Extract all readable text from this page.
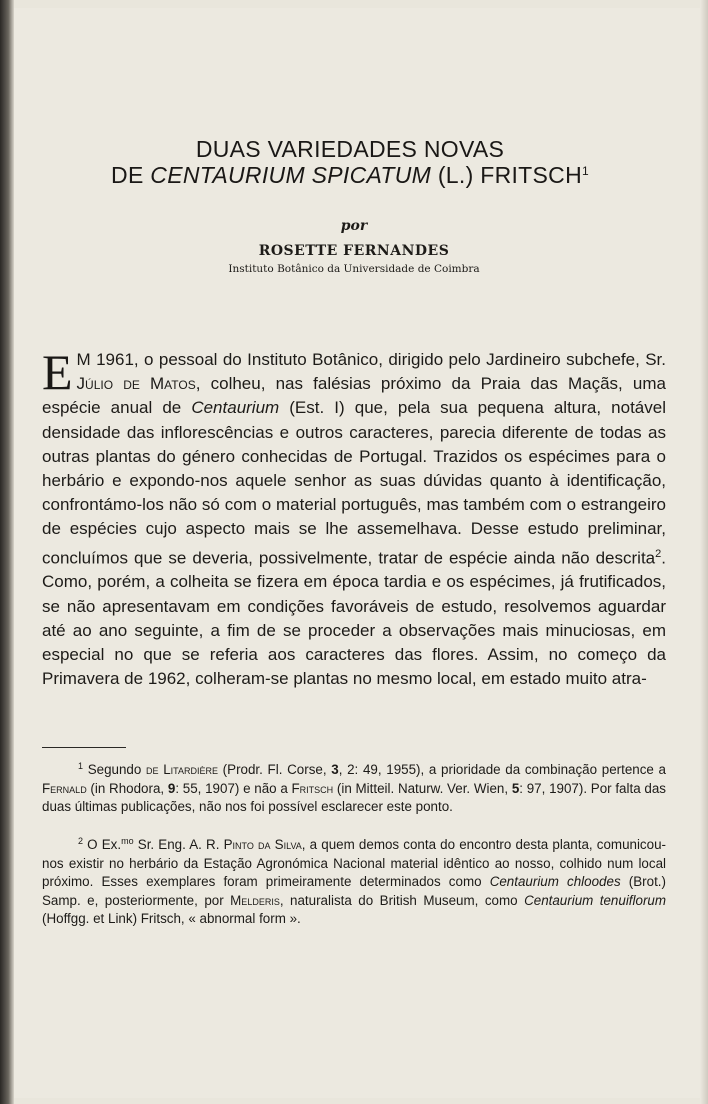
DUAS VARIEDADES NOVAS
DE CENTAURIUM SPICATUM (L.) FRITSCH$^1$
por
ROSETTE FERNANDES
Instituto Botânico da Universidade de Coimbra
E M 1961, o pessoal do Instituto Botânico, dirigido pelo Jardineiro subchefe, Sr. Júlio de Matos, colheu, nas falésias próximo da Praia das Maçãs, uma espécie anual de Centaurium (Est. I) que, pela sua pequena altura, notável densidade das inflorescências e outros caracteres, parecia diferente de todas as outras plantas do género conhecidas de Portugal. Trazidos os espécimes para o herbário e expondo-nos aquele senhor as suas dúvidas quanto à identificação, confrontámo-los não só com o material português, mas também com o estrangeiro de espécies cujo aspecto mais se lhe assemelhava. Desse estudo preliminar, concluímos que se deveria, possivelmente, tratar de espécie ainda não descrita$^2$. Como, porém, a colheita se fizera em época tardia e os espécimes, já frutificados, se não apresentavam em condições favoráveis de estudo, resolvemos aguardar até ao ano seguinte, a fim de se proceder a observações mais minuciosas, em especial no que se referia aos caracteres das flores. Assim, no começo da Primavera de 1962, colheram-se plantas no mesmo local, em estado muito atra-
$^1$ Segundo de Litardière (Prodr. Fl. Corse, 3, 2: 49, 1955), a prioridade da combinação pertence a Fernald (in Rhodora, 9: 55, 1907) e não a Fritsch (in Mitteil. Naturw. Ver. Wien, 5: 97, 1907). Por falta das duas últimas publicações, não nos foi possível esclarecer este ponto.
$^2$ O Ex.$^{mo}$ Sr. Eng. A. R. Pinto da Silva, a quem demos conta do encontro desta planta, comunicou-nos existir no herbário da Estação Agronómica Nacional material idêntico ao nosso, colhido num local próximo. Esses exemplares foram primeiramente determinados como Centaurium chloodes (Brot.) Samp. e, posteriormente, por Melderis, naturalista do British Museum, como Centaurium tenuiflorum (Hoffgg. et Link) Fritsch, « abnormal form ».
